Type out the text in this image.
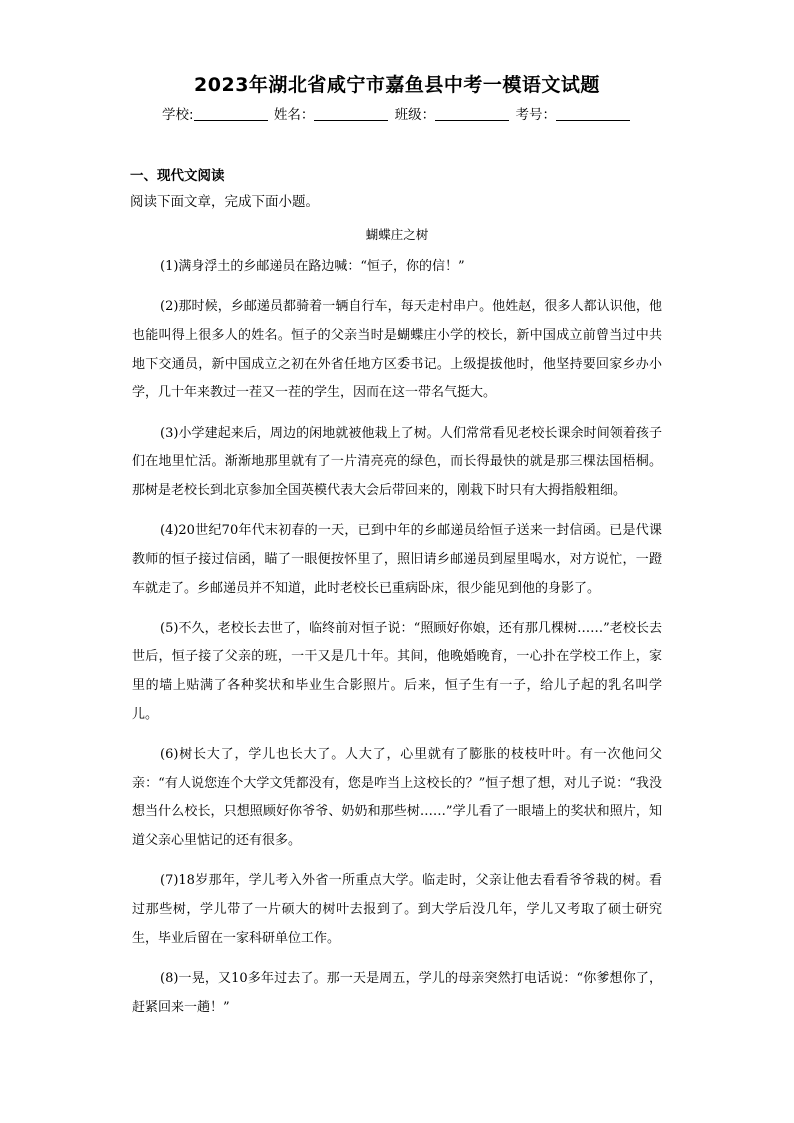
2023年湖北省咸宁市嘉鱼县中考一模语文试题
学校:	姓名：	班级：	考号：
一、现代文阅读
阅读下面文章，完成下面小题。
蝴蝶庄之树

(1)满身浮土的乡邮递员在路边喊：“恒子，你的信！”

(2)那时候，乡邮递员都骑着一辆自行车，每天走村串户。他姓赵，很多人都认识他，他也能叫得上很多人的姓名。恒子的父亲当时是蝴蝶庄小学的校长，新中国成立前曾当过中共地下交通员，新中国成立之初在外省任地方区委书记。上级提拔他时，他坚持要回家乡办小学，几十年来教过一茬又一茬的学生，因而在这一带名气挺大。

(3)小学建起来后，周边的闲地就被他栽上了树。人们常常看见老校长课余时间领着孩子们在地里忙活。渐渐地那里就有了一片清亮亮的绿色，而长得最快的就是那三棵法国梧桐。那树是老校长到北京参加全国英模代表大会后带回来的，刚栽下时只有大拇指般粗细。

(4)20世纪70年代末初春的一天，已到中年的乡邮递员给恒子送来一封信函。已是代课教师的恒子接过信函，瞄了一眼便按怀里了，照旧请乡邮递员到屋里喝水，对方说忙，一蹬车就走了。乡邮递员并不知道，此时老校长已重病卧床，很少能见到他的身影了。

(5)不久，老校长去世了，临终前对恒子说：“照顾好你娘，还有那几棵树……”老校长去世后，恒子接了父亲的班，一干又是几十年。其间，他晚婚晚育，一心扑在学校工作上，家里的墙上贴满了各种奖状和毕业生合影照片。后来，恒子生有一子，给儿子起的乳名叫学儿。

(6)树长大了，学儿也长大了。人大了，心里就有了膨胀的枝枝叶叶。有一次他问父亲：“有人说您连个大学文凭都没有，您是咋当上这校长的？”恒子想了想，对儿子说：“我没想当什么校长，只想照顾好你爷爷、奶奶和那些树……”学儿看了一眼墙上的奖状和照片，知道父亲心里惦记的还有很多。

(7)18岁那年，学儿考入外省一所重点大学。临走时，父亲让他去看看爷爷栽的树。看过那些树，学儿带了一片硕大的树叶去报到了。到大学后没几年，学儿又考取了硕士研究生，毕业后留在一家科研单位工作。

(8)一晃，又10多年过去了。那一天是周五，学儿的母亲突然打电话说：“你爹想你了，赶紧回来一趟！”
